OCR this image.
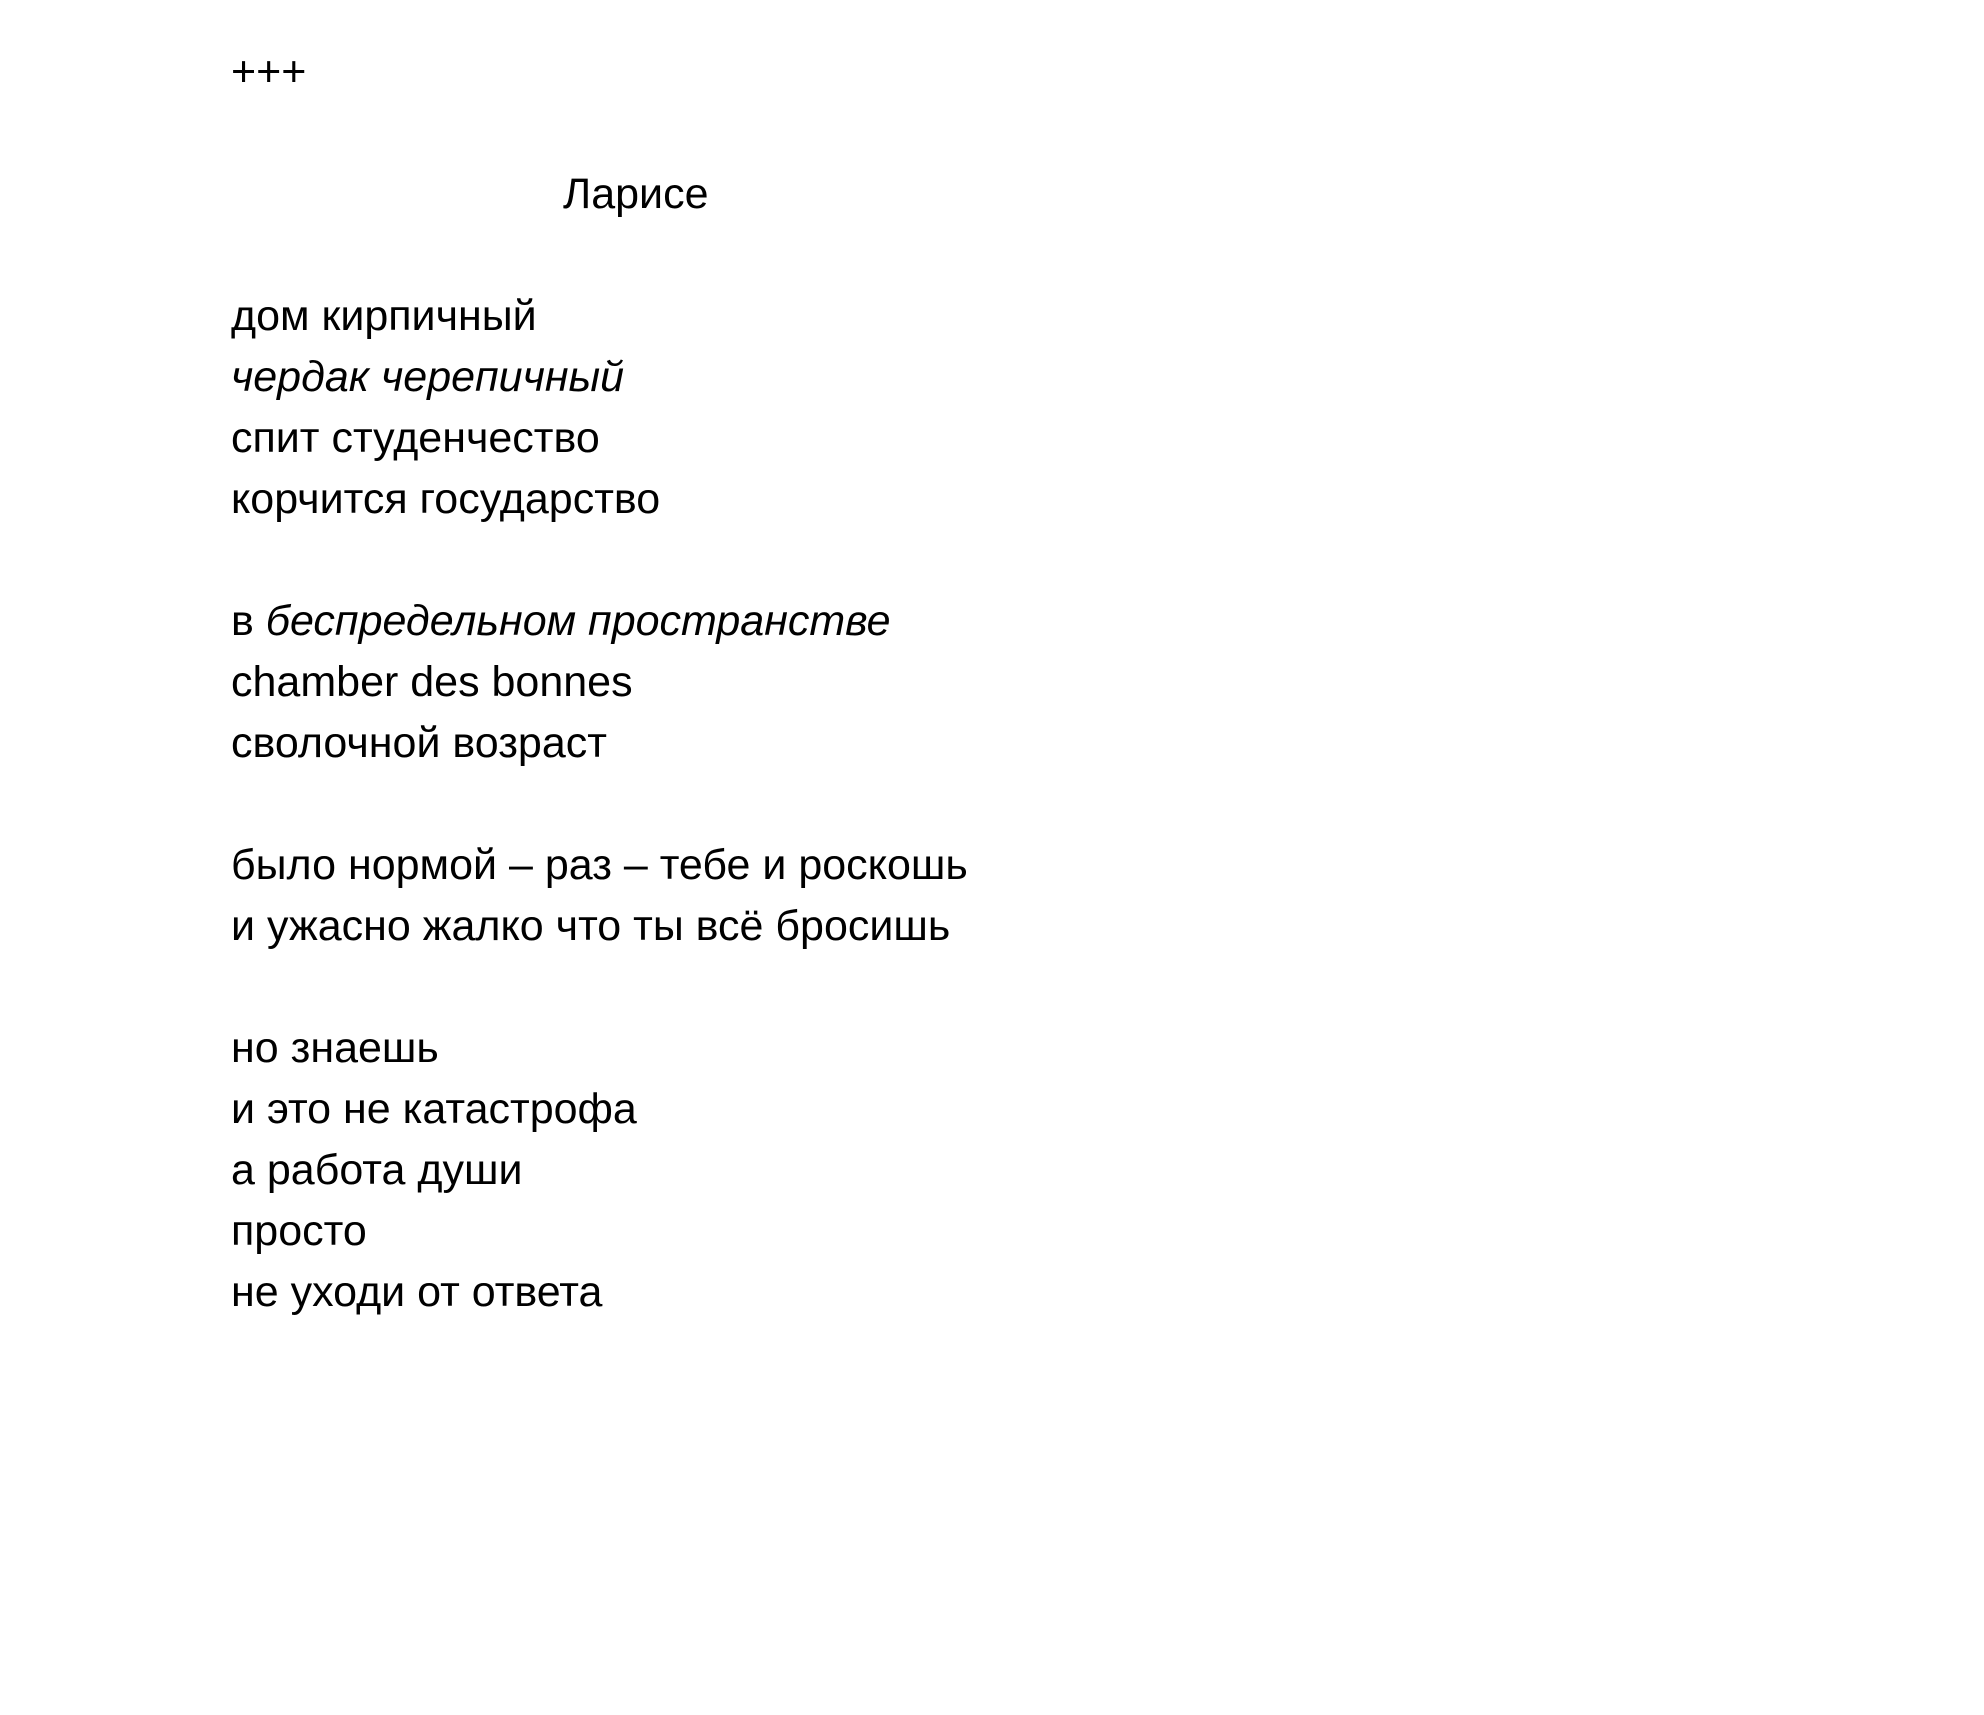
+++
Ларисе
дом кирпичный
чердак черепичный
спит студенчество
корчится государство
в беспредельном пространстве
chamber des bonnes
сволочной возраст
было нормой – раз – тебе и роскошь
и ужасно жалко что ты всё бросишь
но знаешь
и это не катастрофа
а работа души
просто
не уходи от ответа
